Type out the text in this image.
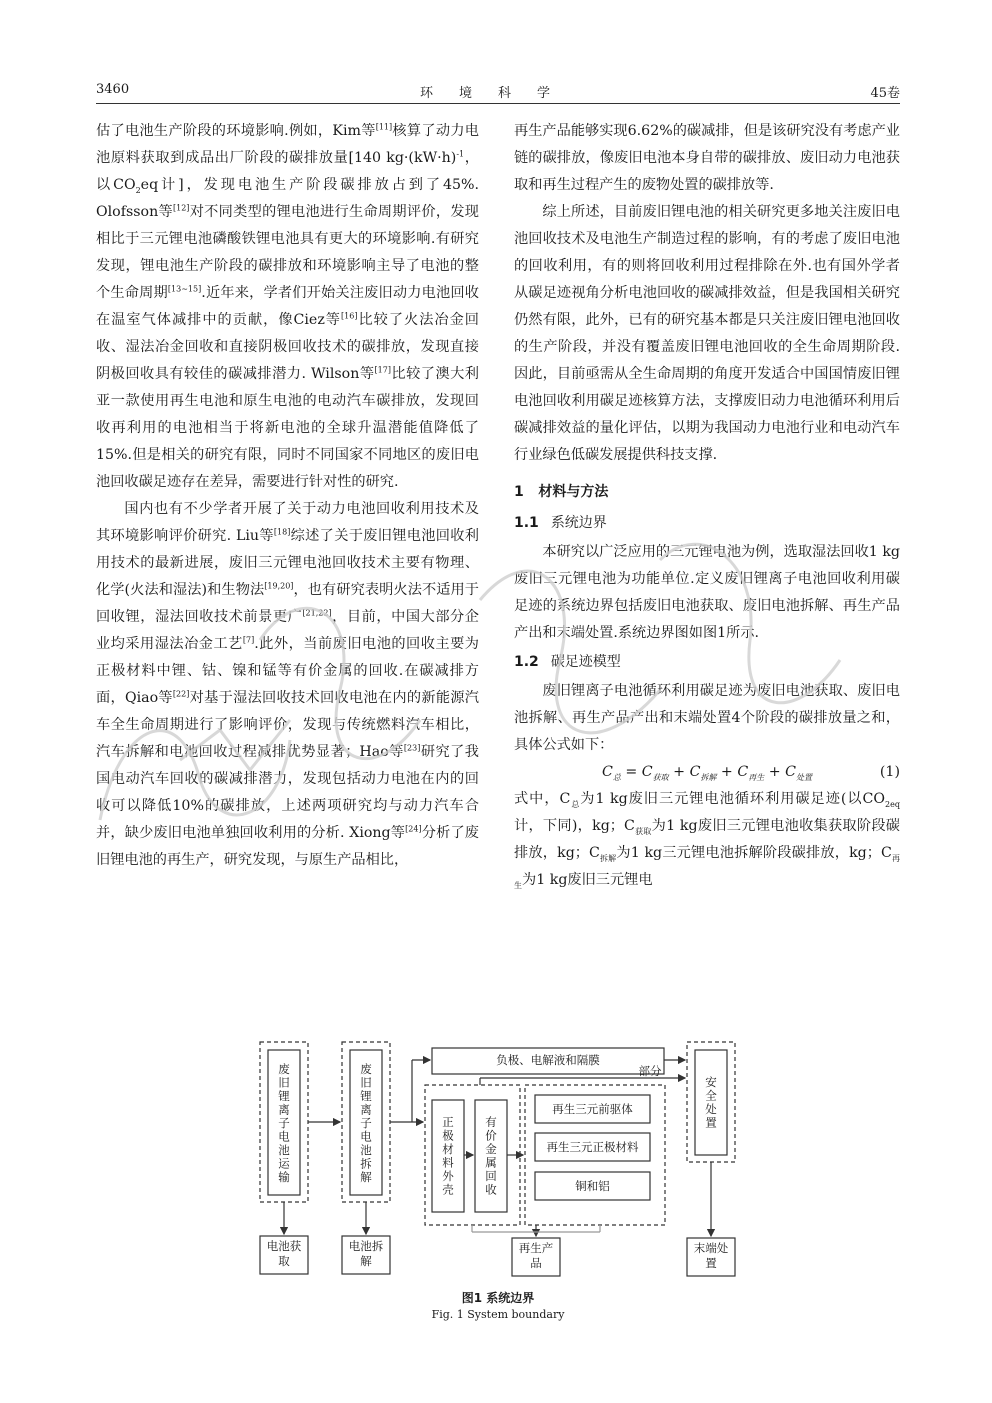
3460	环境科学	45卷

估了电池生产阶段的环境影响.例如，Kim等[11]核算了动力电池原料获取到成品出厂阶段的碳排放量[140 $kg\cdot(kW\cdot h)^{-1}$，以$CO_2eq$计]，发现电池生产阶段碳排放占到了45%. Olofsson等[12]对不同类型的锂电池进行生命周期评价，发现相比于三元锂电池磷酸铁锂电池具有更大的环境影响.有研究发现，锂电池生产阶段的碳排放和环境影响主导了电池的整个生命周期[13~15].近年来，学者们开始关注废旧动力电池回收在温室气体减排中的贡献，像Ciez等[16]比较了火法冶金回收、湿法冶金回收和直接阴极回收技术的碳排放，发现直接阴极回收具有较佳的碳减排潜力. Wilson等[17]比较了澳大利亚一款使用再生电池和原生电池的电动汽车碳排放，发现回收再利用的电池相当于将新电池的全球升温潜能值降低了15%.但是相关的研究有限，同时不同国家不同地区的废旧电池回收碳足迹存在差异，需要进行针对性的研究.

国内也有不少学者开展了关于动力电池回收利用技术及其环境影响评价研究. Liu等[18]综述了关于废旧锂电池回收利用技术的最新进展，废旧三元锂电池回收技术主要有物理、化学(火法和湿法)和生物法[19,20]，也有研究表明火法不适用于回收锂，湿法回收技术前景更广[21,22]，目前，中国大部分企业均采用湿法冶金工艺[7].此外，当前废旧电池的回收主要为正极材料中锂、钴、镍和锰等有价金属的回收.在碳减排方面，Qiao等[22]对基于湿法回收技术回收电池在内的新能源汽车全生命周期进行了影响评价，发现与传统燃料汽车相比，汽车拆解和电池回收过程减排优势显著；Hao等[23]研究了我国电动汽车回收的碳减排潜力，发现包括动力电池在内的回收可以降低10%的碳排放，上述两项研究均与动力汽车合并，缺少废旧电池单独回收利用的分析. Xiong等[24]分析了废旧锂电池的再生产，研究发现，与原生产品相比，

再生产品能够实现6.62%的碳减排，但是该研究没有考虑产业链的碳排放，像废旧电池本身自带的碳排放、废旧动力电池获取和再生过程产生的废物处置的碳排放等.

综上所述，目前废旧锂电池的相关研究更多地关注废旧电池回收技术及电池生产制造过程的影响，有的考虑了废旧电池的回收利用，有的则将回收利用过程排除在外.也有国外学者从碳足迹视角分析电池回收的碳减排效益，但是我国相关研究仍然有限，此外，已有的研究基本都是只关注废旧锂电池回收的生产阶段，并没有覆盖废旧锂电池回收的全生命周期阶段.因此，目前亟需从全生命周期的角度开发适合中国国情废旧锂电池回收利用碳足迹核算方法，支撑废旧动力电池循环利用后碳减排效益的量化评估，以期为我国动力电池行业和电动汽车行业绿色低碳发展提供科技支撑.

1 材料与方法

1.1 系统边界

本研究以广泛应用的三元锂电池为例，选取湿法回收1 kg废旧三元锂电池为功能单位.定义废旧锂离子电池回收利用碳足迹的系统边界包括废旧电池获取、废旧电池拆解、再生产品产出和末端处置.系统边界图如图1所示.

1.2 碳足迹模型

废旧锂离子电池循环利用碳足迹为废旧电池获取、废旧电池拆解、再生产品产出和末端处置4个阶段的碳排放量之和，具体公式如下：

$C_总 = C_{获取} + C_{拆解} + C_{再生} + C_{处置}$	(1)

式中，$C_总$为1 kg废旧三元锂电池循环利用碳足迹(以$CO_{2eq}$计，下同)，kg；$C_{获取}$为1 kg废旧三元锂电池收集获取阶段碳排放，kg；$C_{拆解}$为1 kg三元锂电池拆解阶段碳排放，kg；$C_{再生}$为1 kg废旧三元锂电

废旧锂离子电池运输	废旧锂离子电池拆解	正极材料外壳	有价金属回收
安全处置
负极、电解液和隔膜
部分
再生三元前驱体
再生三元正极材料
铜和铝
电池获取
电池拆解
再生产品
末端处置
图1 系统边界
Fig. 1 System boundary
